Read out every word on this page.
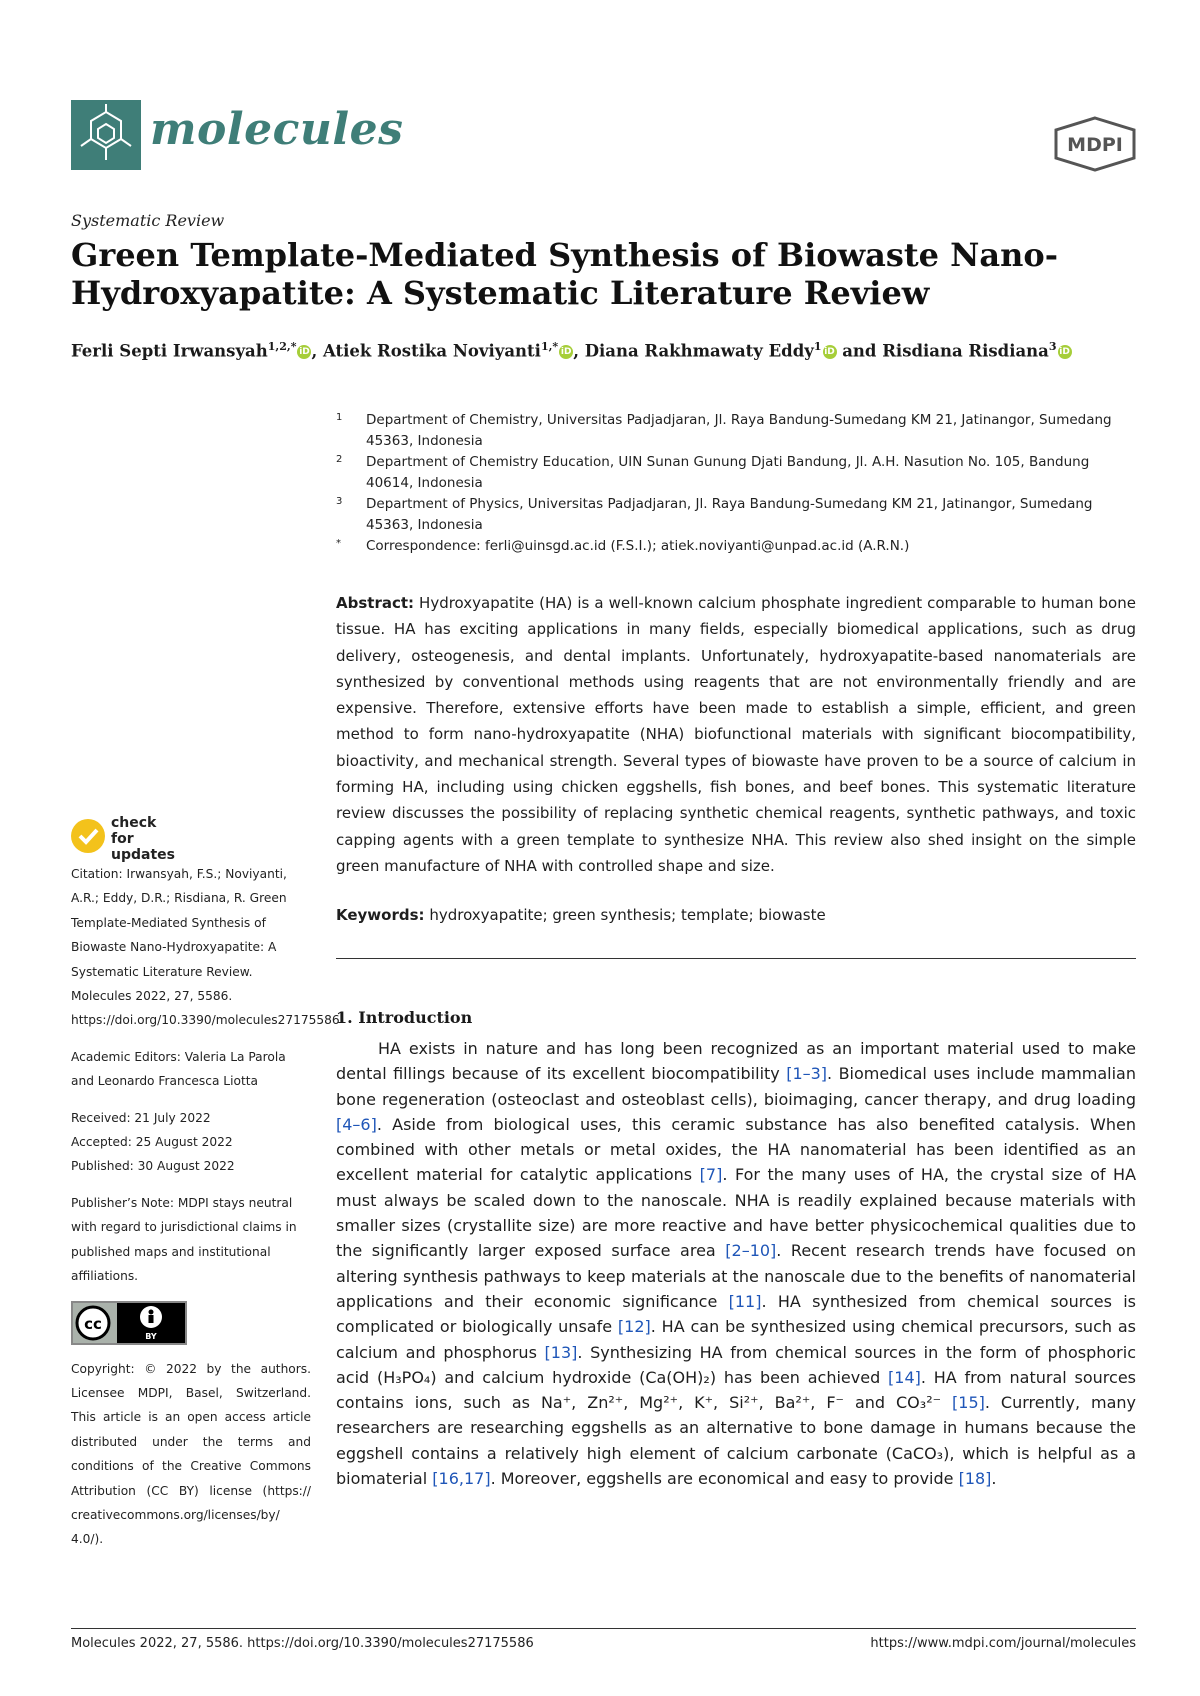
molecules	MDPI
Systematic Review
Green Template-Mediated Synthesis of Biowaste Nano-Hydroxyapatite: A Systematic Literature Review
Ferli Septi Irwansyah$^{1,2,*}$ iD , Atiek Rostika Noviyanti$^{1,*}$ iD , Diana Rakhmawaty Eddy$^1$ iD and Risdiana Risdiana$^3$ iD
1 Department of Chemistry, Universitas Padjadjaran, Jl. Raya Bandung-Sumedang KM 21, Jatinangor, Sumedang 45363, Indonesia
2 Department of Chemistry Education, UIN Sunan Gunung Djati Bandung, Jl. A.H. Nasution No. 105, Bandung 40614, Indonesia
3 Department of Physics, Universitas Padjadjaran, Jl. Raya Bandung-Sumedang KM 21, Jatinangor, Sumedang 45363, Indonesia
* Correspondence: ferli@uinsgd.ac.id (F.S.I.); atiek.noviyanti@unpad.ac.id (A.R.N.)
Abstract: Hydroxyapatite (HA) is a well-known calcium phosphate ingredient comparable to human bone tissue. HA has exciting applications in many fields, especially biomedical applications, such as drug delivery, osteogenesis, and dental implants. Unfortunately, hydroxyapatite-based nanomaterials are synthesized by conventional methods using reagents that are not environmentally friendly and are expensive. Therefore, extensive efforts have been made to establish a simple, efficient, and green method to form nano-hydroxyapatite (NHA) biofunctional materials with significant biocompatibility, bioactivity, and mechanical strength. Several types of biowaste have proven to be a source of calcium in forming HA, including using chicken eggshells, fish bones, and beef bones. This systematic literature review discusses the possibility of replacing synthetic chemical reagents, synthetic pathways, and toxic capping agents with a green template to synthesize NHA. This review also shed insight on the simple green manufacture of NHA with controlled shape and size.
Keywords: hydroxyapatite; green synthesis; template; biowaste
1. Introduction
HA exists in nature and has long been recognized as an important material used to make dental fillings because of its excellent biocompatibility [1–3]. Biomedical uses include mammalian bone regeneration (osteoclast and osteoblast cells), bioimaging, cancer therapy, and drug loading [4–6]. Aside from biological uses, this ceramic substance has also benefited catalysis. When combined with other metals or metal oxides, the HA nanomaterial has been identified as an excellent material for catalytic applications [7]. For the many uses of HA, the crystal size of HA must always be scaled down to the nanoscale. NHA is readily explained because materials with smaller sizes (crystallite size) are more reactive and have better physicochemical qualities due to the significantly larger exposed surface area [2–10]. Recent research trends have focused on altering synthesis pathways to keep materials at the nanoscale due to the benefits of nanomaterial applications and their economic significance [11]. HA synthesized from chemical sources is complicated or biologically unsafe [12]. HA can be synthesized using chemical precursors, such as calcium and phosphorus [13]. Synthesizing HA from chemical sources in the form of phosphoric acid (H₃PO₄) and calcium hydroxide (Ca(OH)₂) has been achieved [14]. HA from natural sources contains ions, such as Na⁺, Zn²⁺, Mg²⁺, K⁺, Si²⁺, Ba²⁺, F⁻ and CO₃²⁻ [15]. Currently, many researchers are researching eggshells as an alternative to bone damage in humans because the eggshell contains a relatively high element of calcium carbonate (CaCO₃), which is helpful as a biomaterial [16,17]. Moreover, eggshells are economical and easy to provide [18].
check for updates
Citation: Irwansyah, F.S.; Noviyanti, A.R.; Eddy, D.R.; Risdiana, R. Green Template-Mediated Synthesis of Biowaste Nano-Hydroxyapatite: A Systematic Literature Review. Molecules 2022, 27, 5586. https://doi.org/10.3390/molecules27175586
Academic Editors: Valeria La Parola and Leonardo Francesca Liotta
Received: 21 July 2022
Accepted: 25 August 2022
Published: 30 August 2022
Publisher’s Note: MDPI stays neutral with regard to jurisdictional claims in published maps and institutional affiliations.
cc
BY
Copyright: © 2022 by the authors. Licensee MDPI, Basel, Switzerland. This article is an open access article distributed under the terms and conditions of the Creative Commons Attribution (CC BY) license (https:// creativecommons.org/licenses/by/ 4.0/).
Molecules 2022, 27, 5586. https://doi.org/10.3390/molecules27175586	https://www.mdpi.com/journal/molecules
